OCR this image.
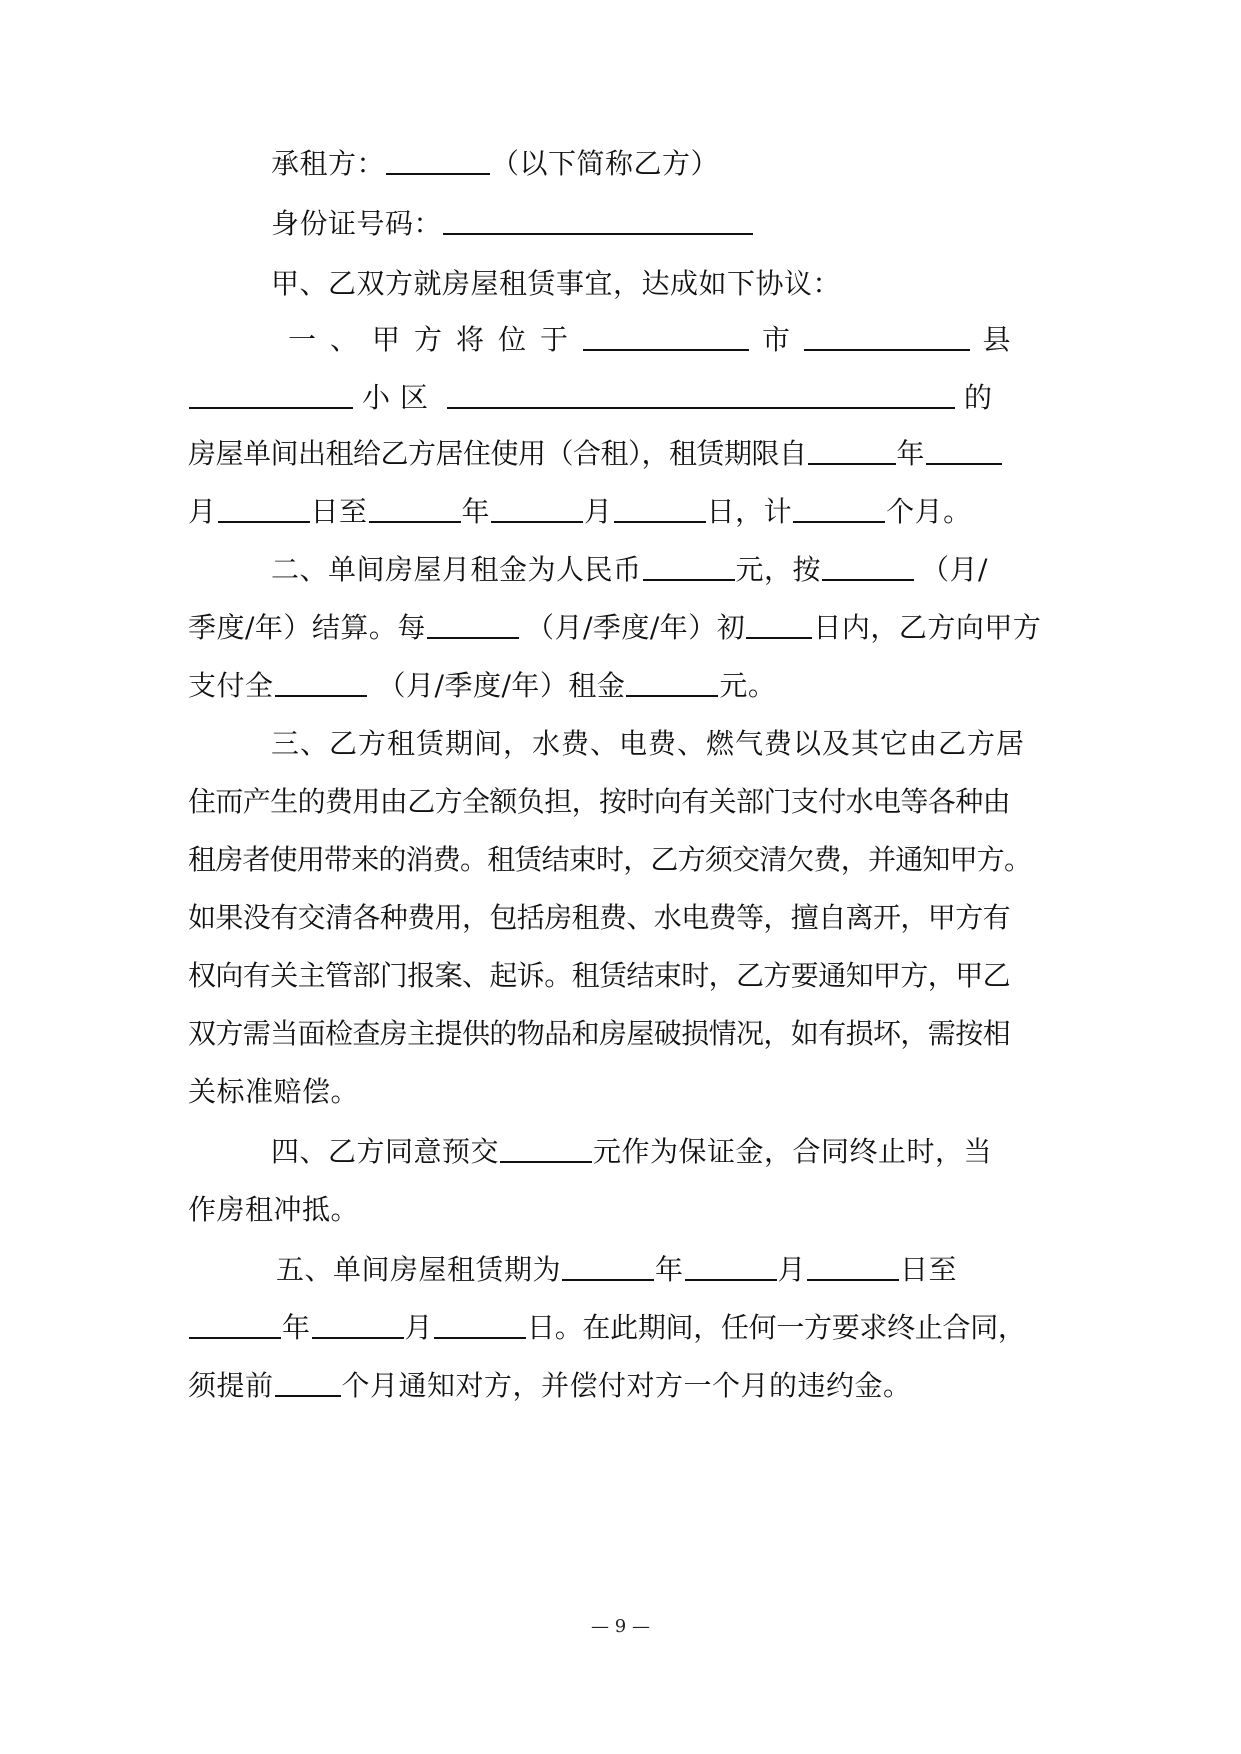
承租方：	（以下简称乙方）
身份证号码：
甲、乙双方就房屋租赁事宜，达成如下协议：
一、甲方将位于	市	县
小区	的
房屋单间出租给乙方居住使用（合租），租赁期限自	年
月	日至	年	月	日，计	个月。
二、单间房屋月租金为人民币	元，按	（月/
季度/年）结算。每	（月/季度/年）初 日内，乙方向甲方
支付全	（月/季度/年）租金	元。
三、乙方租赁期间，水费、电费、燃气费以及其它由乙方居
住而产生的费用由乙方全额负担，按时向有关部门支付水电等各种由
租房者使用带来的消费。租赁结束时，乙方须交清欠费，并通知甲方。
如果没有交清各种费用，包括房租费、水电费等，擅自离开，甲方有
权向有关主管部门报案、起诉。租赁结束时，乙方要通知甲方，甲乙
双方需当面检查房主提供的物品和房屋破损情况，如有损坏，需按相
关标准赔偿。
四、乙方同意预交	元作为保证金，合同终止时，当
作房租冲抵。
五、单间房屋租赁期为	年	月	日至
年	月	日。在此期间，任何一方要求终止合同，
须提前 个月通知对方，并偿付对方一个月的违约金。
— 9 —
